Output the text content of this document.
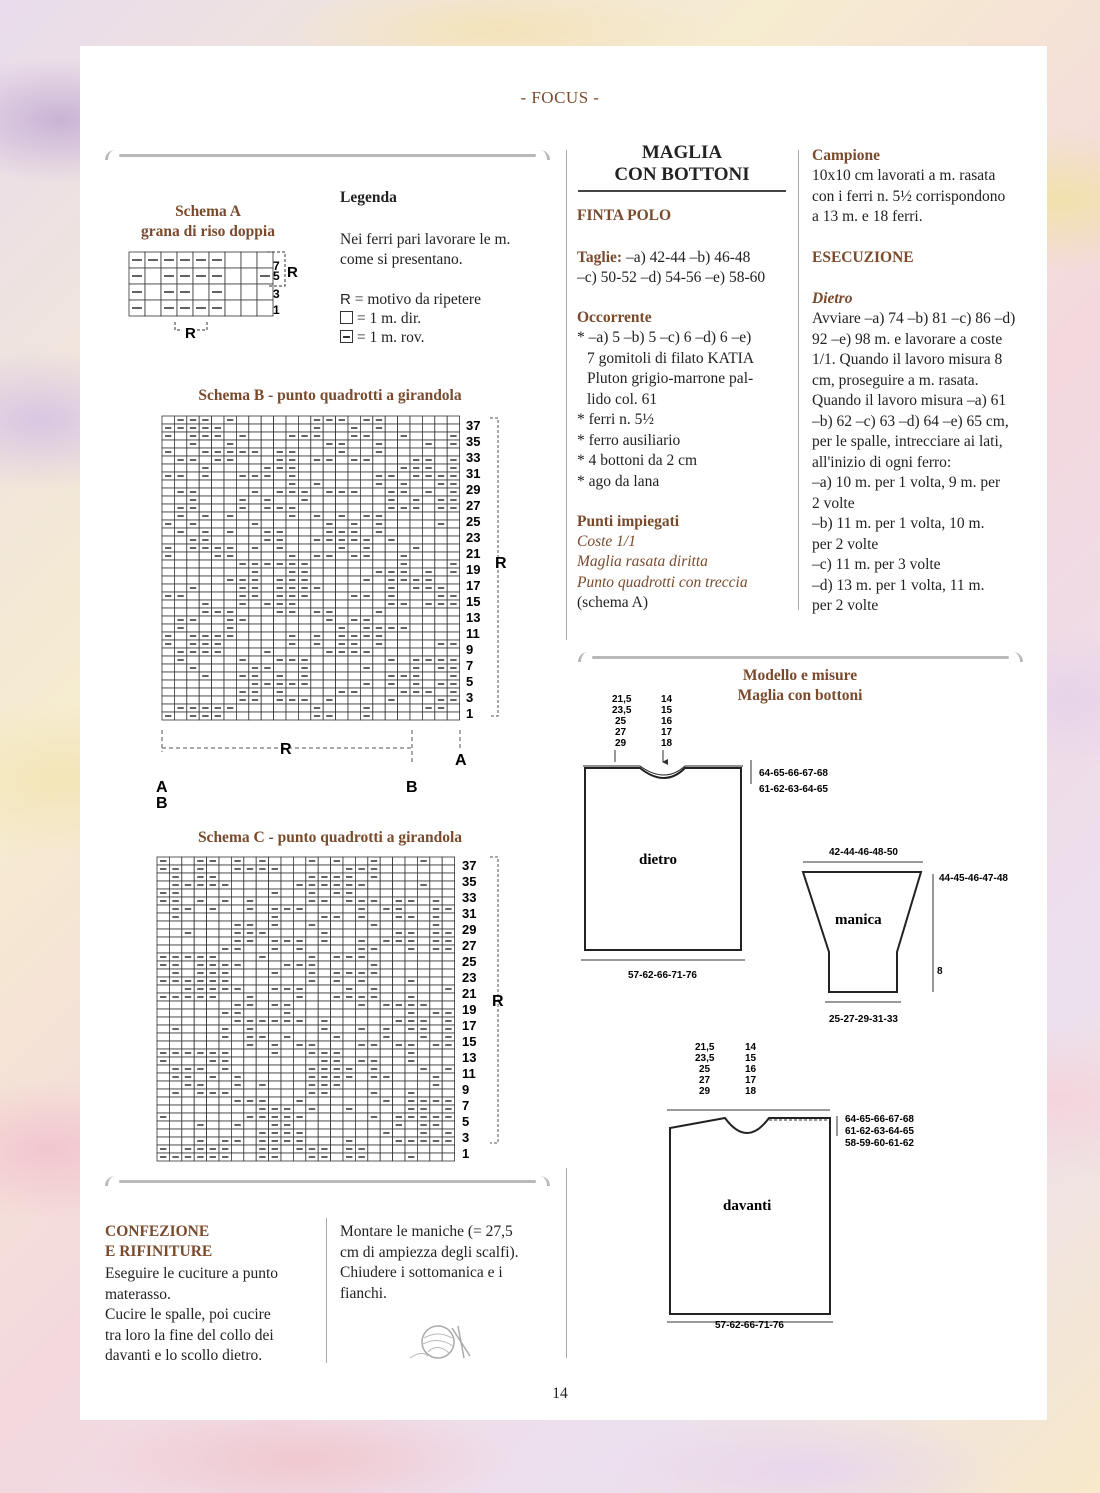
- FOCUS -
Schema A
grana di riso doppia
7
5
3
1
R
R
Legenda
Nei ferri pari lavorare le m.
come si presentano.
R = motivo da ripetere
= 1 m. dir.
= 1 m. rov.
Schema B - punto quadrotti a girandola
37
35
33
31
29
27
25
23
21
19
17
15
13
11
9
7
5
3
1
R
R
A
A
B
B
Schema C - punto quadrotti a girandola
37
35
33
31
29
27
25
23
21
19
17
15
13
11
9
7
5
3
1
R
CONFEZIONE
E RIFINITURE
Eseguire le cuciture a punto
materasso.
Cucire le spalle, poi cucire
tra loro la fine del collo dei
davanti e lo scollo dietro.
Montare le maniche (= 27,5
cm di ampiezza degli scalfi).
Chiudere i sottomanica e i
fianchi.
MAGLIA
CON BOTTONI
FINTA POLO
Taglie: –a) 42-44 –b) 46-48
–c) 50-52 –d) 54-56 –e) 58-60
Occorrente
* –a) 5 –b) 5 –c) 6 –d) 6 –e)
7 gomitoli di filato KATIA
Pluton grigio-marrone pal-
lido col. 61
* ferri n. 5½
* ferro ausiliario
* 4 bottoni da 2 cm
* ago da lana
Punti impiegati
Coste 1/1
Maglia rasata diritta
Punto quadrotti con treccia
(schema A)
Campione
10x10 cm lavorati a m. rasata
con i ferri n. 5½ corrispondono
a 13 m. e 18 ferri.
ESECUZIONE
Dietro
Avviare –a) 74 –b) 81 –c) 86 –d)
92 –e) 98 m. e lavorare a coste
1/1. Quando il lavoro misura 8
cm, proseguire a m. rasata.
Quando il lavoro misura –a) 61
–b) 62 –c) 63 –d) 64 –e) 65 cm,
per le spalle, intrecciare ai lati,
all'inizio di ogni ferro:
–a) 10 m. per 1 volta, 9 m. per
2 volte
–b) 11 m. per 1 volta, 10 m.
per 2 volte
–c) 11 m. per 3 volte
–d) 13 m. per 1 volta, 11 m.
per 2 volte
Modello e misure
Maglia con bottoni
21,5
23,5
25
27
29
14
15
16
17
18
dietro
64-65-66-67-68
61-62-63-64-65
57-62-66-71-76
42-44-46-48-50
manica
44-45-46-47-48
8
25-27-29-31-33
21,5
23,5
25
27
29
14
15
16
17
18
davanti
64-65-66-67-68
61-62-63-64-65
58-59-60-61-62
57-62-66-71-76
14
